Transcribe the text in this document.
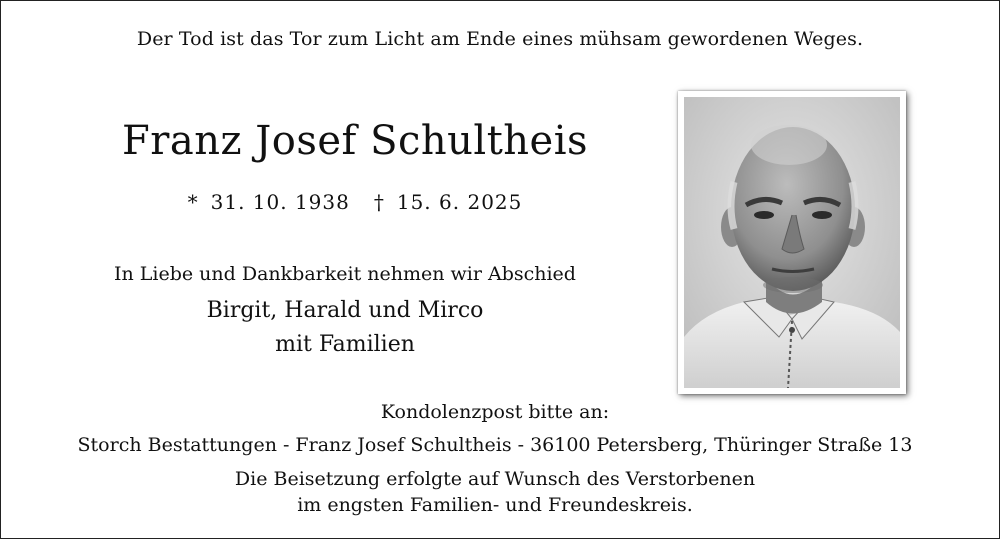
Der Tod ist das Tor zum Licht am Ende eines mühsam gewordenen Weges.
Franz Josef Schultheis
* 31. 10. 1938 † 15. 6. 2025
In Liebe und Dankbarkeit nehmen wir Abschied
Birgit, Harald und Mirco
mit Familien
Kondolenzpost bitte an:
Storch Bestattungen - Franz Josef Schultheis - 36100 Petersberg, Thüringer Straße 13
Die Beisetzung erfolgte auf Wunsch des Verstorbenen
im engsten Familien- und Freundeskreis.
